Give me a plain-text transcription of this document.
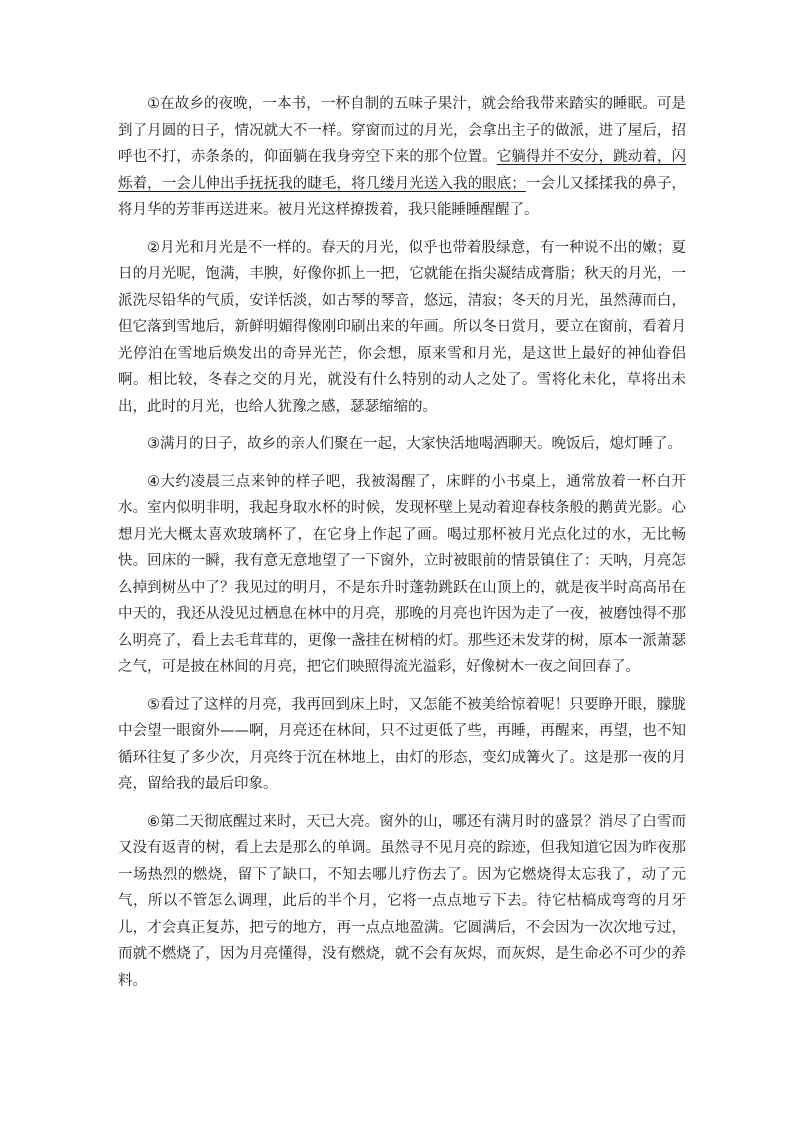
①在故乡的夜晚，一本书，一杯自制的五味子果汁，就会给我带来踏实的睡眠。可是到了月圆的日子，情况就大不一样。穿窗而过的月光，会拿出主子的做派，进了屋后，招呼也不打，赤条条的，仰面躺在我身旁空下来的那个位置。它躺得并不安分，跳动着，闪烁着，一会儿伸出手抚抚我的睫毛，将几缕月光送入我的眼底；一会儿又揉揉我的鼻子，将月华的芳菲再送进来。被月光这样撩拨着，我只能睡睡醒醒了。

②月光和月光是不一样的。春天的月光，似乎也带着股绿意，有一种说不出的嫩；夏日的月光呢，饱满，丰腴，好像你抓上一把，它就能在指尖凝结成膏脂；秋天的月光，一派洗尽铅华的气质，安详恬淡，如古琴的琴音，悠远，清寂；冬天的月光，虽然薄而白，但它落到雪地后，新鲜明媚得像刚印刷出来的年画。所以冬日赏月，要立在窗前，看着月光停泊在雪地后焕发出的奇异光芒，你会想，原来雪和月光，是这世上最好的神仙眷侣啊。相比较，冬春之交的月光，就没有什么特别的动人之处了。雪将化未化，草将出未出，此时的月光，也给人犹豫之感，瑟瑟缩缩的。

③满月的日子，故乡的亲人们聚在一起，大家快活地喝酒聊天。晚饭后，熄灯睡了。

④大约凌晨三点来钟的样子吧，我被渴醒了，床畔的小书桌上，通常放着一杯白开水。室内似明非明，我起身取水杯的时候，发现杯壁上晃动着迎春枝条般的鹅黄光影。心想月光大概太喜欢玻璃杯了，在它身上作起了画。喝过那杯被月光点化过的水，无比畅快。回床的一瞬，我有意无意地望了一下窗外，立时被眼前的情景镇住了：天呐，月亮怎么掉到树丛中了？我见过的明月，不是东升时蓬勃跳跃在山顶上的，就是夜半时高高吊在中天的，我还从没见过栖息在林中的月亮，那晚的月亮也许因为走了一夜，被磨蚀得不那么明亮了，看上去毛茸茸的，更像一盏挂在树梢的灯。那些还未发芽的树，原本一派萧瑟之气，可是披在林间的月亮，把它们映照得流光溢彩，好像树木一夜之间回春了。

⑤看过了这样的月亮，我再回到床上时，又怎能不被美给惊着呢！只要睁开眼，朦胧中会望一眼窗外——啊，月亮还在林间，只不过更低了些，再睡，再醒来，再望，也不知循环往复了多少次，月亮终于沉在林地上，由灯的形态，变幻成篝火了。这是那一夜的月亮，留给我的最后印象。

⑥第二天彻底醒过来时，天已大亮。窗外的山，哪还有满月时的盛景？消尽了白雪而又没有返青的树，看上去是那么的单调。虽然寻不见月亮的踪迹，但我知道它因为昨夜那一场热烈的燃烧，留下了缺口，不知去哪儿疗伤去了。因为它燃烧得太忘我了，动了元气，所以不管怎么调理，此后的半个月，它将一点点地亏下去。待它枯槁成弯弯的月牙儿，才会真正复苏，把亏的地方，再一点点地盈满。它圆满后，不会因为一次次地亏过，而就不燃烧了，因为月亮懂得，没有燃烧，就不会有灰烬，而灰烬，是生命必不可少的养料。
